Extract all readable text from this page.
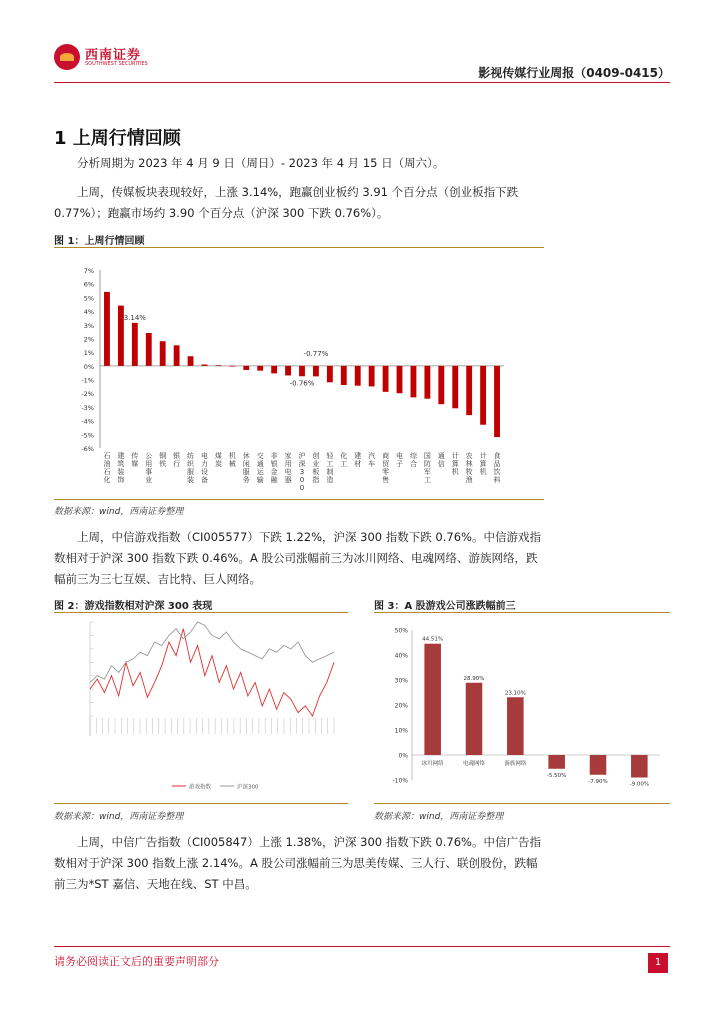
西南证券
SOUTHWEST SECURITIES
影视传媒行业周报（0409-0415）
1 上周行情回顾
分析周期为 2023 年 4 月 9 日（周日）- 2023 年 4 月 15 日（周六）。
上周，传媒板块表现较好，上涨 3.14%，跑赢创业板约 3.91 个百分点（创业板指下跌 0.77%）；跑赢市场约 3.90 个百分点（沪深 300 下跌 0.76%）。
图 1：上周行情回顾
7%
6%
5%
4%
3%
2%
1%
0%
-1%
-2%
-3%
-4%
-5%
-6%
石油石化
建筑装饰
3.14%
传媒
公用事业
钢铁
银行
纺织服装
电力设备
煤炭
机械
休闲服务
交通运输
非银金融
家用电器
-0.76%
沪深 3 0 0
-0.77%
创业板指
轻工制造
化工
建材
汽车
商贸零售
电子
综合
国防军工
通信
计算机
农林牧渔
计算机
食品饮料
数据来源：wind，西南证券整理
上周，中信游戏指数（CI005577）下跌 1.22%，沪深 300 指数下跌 0.76%。中信游戏指数相对于沪深 300 指数下跌 0.46%。A 股公司涨幅前三为冰川网络、电魂网络、游族网络，跌幅前三为三七互娱、吉比特、巨人网络。
图 2：游戏指数相对沪深 300 表现
游戏指数	沪深300
数据来源：wind，西南证券整理
图 3：A 股游戏公司涨跌幅前三
50%
40%
30%
20%
10%
0%
-10%
44.51%
冰川网络
28.90%
电魂网络
23.10%
游族网络
-5.50%
-7.90%	-9.00%
数据来源：wind，西南证券整理
上周，中信广告指数（CI005847）上涨 1.38%，沪深 300 指数下跌 0.76%。中信广告指数相对于沪深 300 指数上涨 2.14%。A 股公司涨幅前三为思美传媒、三人行、联创股份，跌幅前三为*ST 嘉信、天地在线、ST 中昌。
请务必阅读正文后的重要声明部分	1
